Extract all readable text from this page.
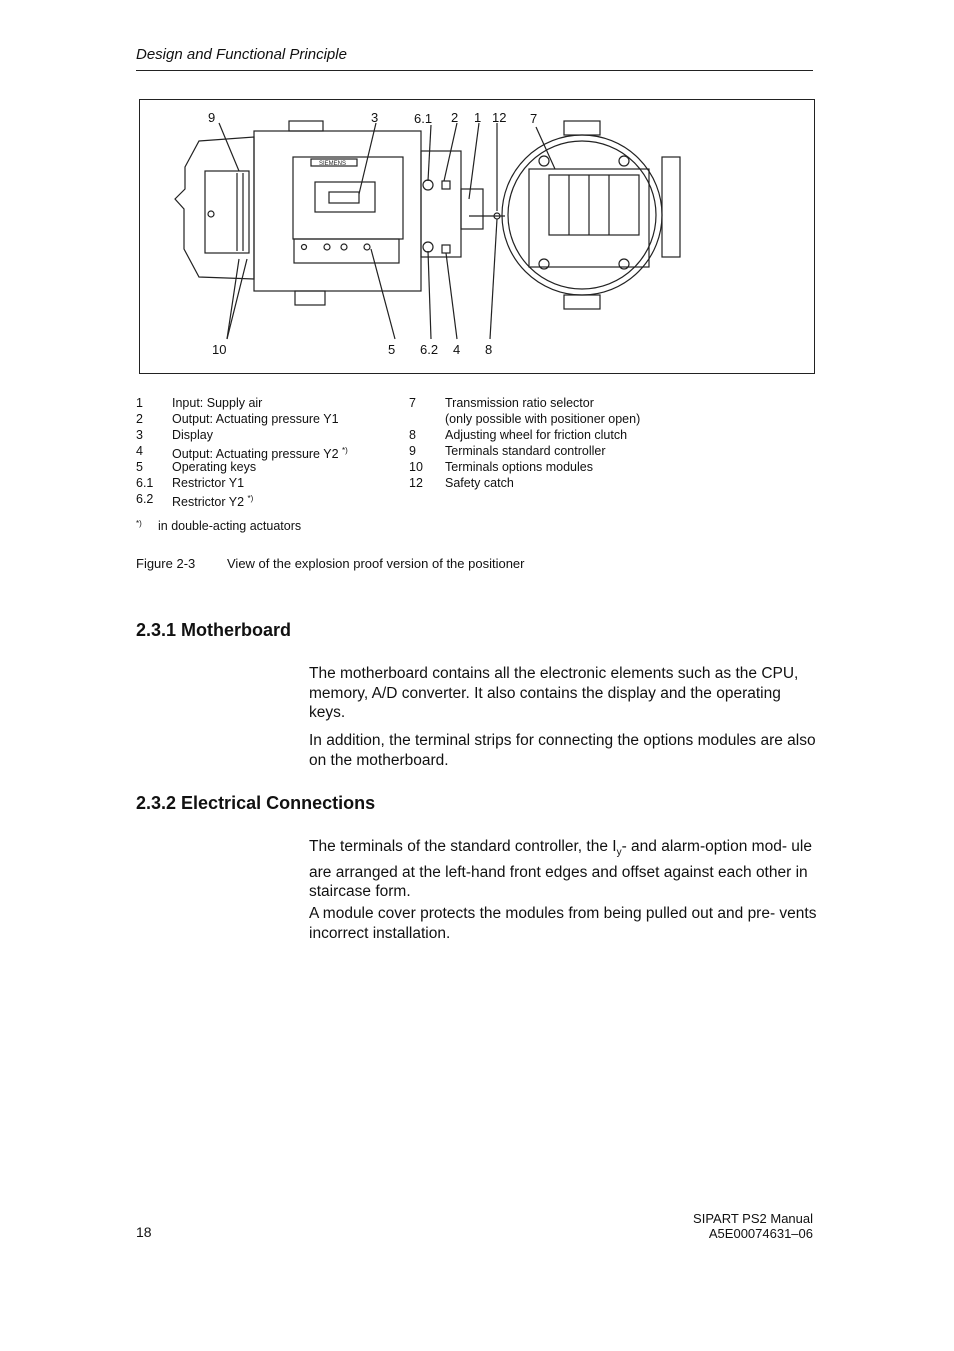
Design and Functional Principle
SIEMENS
9	3	6.1 2 1 12 7
10	5 6.2 4 8
1 Input: Supply air
2 Output: Actuating pressure Y1
3 Display
4 Output: Actuating pressure Y2 *)
5 Operating keys
6.1 Restrictor Y1
6.2 Restrictor Y2 *)
7 Transmission ratio selector
(only possible with positioner open)
8 Adjusting wheel for friction clutch
9 Terminals standard controller
10 Terminals options modules
12 Safety catch
*) in double-acting actuators
Figure 2-3 View of the explosion proof version of the positioner
2.3.1 Motherboard

The motherboard contains all the electronic elements such as the CPU, memory, A/D converter. It also contains the display and the operating keys.

In addition, the terminal strips for connecting the options modules are also on the motherboard.

2.3.2 Electrical Connections

The terminals of the standard controller, the $I_y-$ and alarm-option mod- ule are arranged at the left-hand front edges and offset against each other in staircase form.

A module cover protects the modules from being pulled out and pre- vents incorrect installation.

18
SIPART PS2 Manual
A5E00074631–06
